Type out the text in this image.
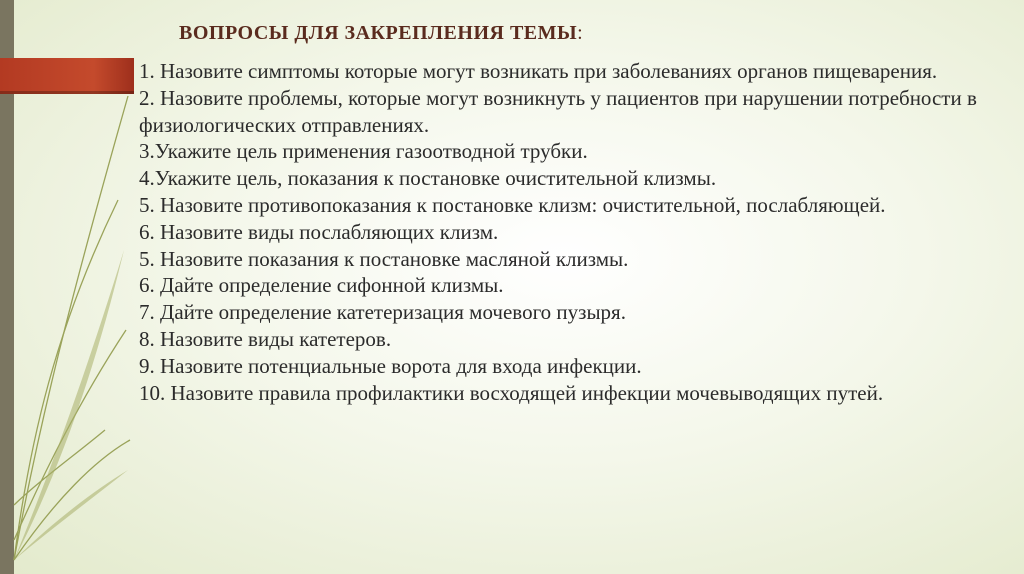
ВОПРОСЫ ДЛЯ ЗАКРЕПЛЕНИЯ ТЕМЫ:
1. Назовите симптомы которые могут возникать при заболеваниях органов пищеварения.
2. Назовите проблемы, которые могут возникнуть у пациентов при нарушении потребности в физиологических отправлениях.
3.Укажите цель применения газоотводной трубки.
4.Укажите цель, показания к постановке очистительной клизмы.
5. Назовите противопоказания к постановке клизм: очистительной, послабляющей.
6. Назовите виды послабляющих клизм.
5. Назовите показания к постановке масляной клизмы.
6. Дайте определение сифонной клизмы.
7. Дайте определение катетеризация мочевого пузыря.
8. Назовите виды катетеров.
9. Назовите потенциальные ворота для входа инфекции.
10. Назовите правила профилактики восходящей инфекции мочевыводящих путей.
